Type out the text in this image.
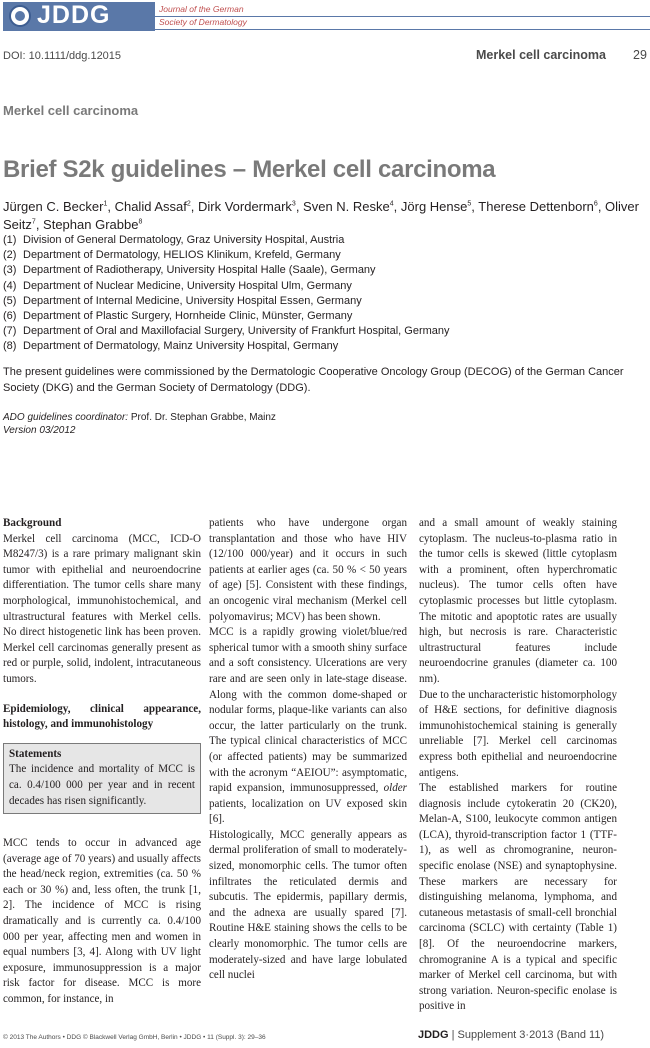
JDDG	Journal of the German
Society of Dermatology
DOI: 10.1111/ddg.12015	Merkel cell carcinoma 29
Merkel cell carcinoma
Brief S2k guidelines – Merkel cell carcinoma
Jürgen C. Becker$^1$, Chalid Assaf$^2$, Dirk Vordermark$^3$, Sven N. Reske$^4$, Jörg Hense$^5$, Therese Dettenborn$^6$, Oliver Seitz$^7$, Stephan Grabbe$^8$
(1) Division of General Dermatology, Graz University Hospital, Austria
(2) Department of Dermatology, HELIOS Klinikum, Krefeld, Germany
(3) Department of Radiotherapy, University Hospital Halle (Saale), Germany
(4) Department of Nuclear Medicine, University Hospital Ulm, Germany
(5) Department of Internal Medicine, University Hospital Essen, Germany
(6) Department of Plastic Surgery, Hornheide Clinic, Münster, Germany
(7) Department of Oral and Maxillofacial Surgery, University of Frankfurt Hospital, Germany
(8) Department of Dermatology, Mainz University Hospital, Germany

The present guidelines were commissioned by the Dermatologic Cooperative Oncology Group (DECOG) of the German Cancer Society (DKG) and the German Society of Dermatology (DDG).

ADO guidelines coordinator: Prof. Dr. Stephan Grabbe, Mainz
Version 03/2012
Background

Merkel cell carcinoma (MCC, ICD-O M8247/3) is a rare primary malignant skin tumor with epithelial and neuroendocrine differentiation. The tumor cells share many morphological, immunohistochemical, and ultrastructural features with Merkel cells. No direct histogenetic link has been proven. Merkel cell carcinomas generally present as red or purple, solid, indolent, intracutaneous tumors.

Epidemiology, clinical appearance, histology, and immunohistology
Statements
The incidence and mortality of MCC is ca. 0.4/100 000 per year and in recent decades has risen significantly.

MCC tends to occur in advanced age (average age of 70 years) and usually affects the head/neck region, extremities (ca. 50 % each or 30 %) and, less often, the trunk [1, 2]. The incidence of MCC is rising dramatically and is currently ca. 0.4/100 000 per year, affecting men and women in equal numbers [3, 4]. Along with UV light exposure, immunosuppression is a major risk factor for disease. MCC is more common, for instance, in

patients who have undergone organ transplantation and those who have HIV (12/100 000/year) and it occurs in such patients at earlier ages (ca. 50 % < 50 years of age) [5]. Consistent with these findings, an oncogenic viral mechanism (Merkel cell polyomavirus; MCV) has been shown.

MCC is a rapidly growing violet/blue/red spherical tumor with a smooth shiny surface and a soft consistency. Ulcerations are very rare and are seen only in late-stage disease. Along with the common dome-shaped or nodular forms, plaque-like variants can also occur, the latter particularly on the trunk. The typical clinical characteristics of MCC (or affected patients) may be summarized with the acronym “AEIOU”: asymptomatic, rapid expansion, immunosuppressed, older patients, localization on UV exposed skin [6].

Histologically, MCC generally appears as dermal proliferation of small to moderately-sized, monomorphic cells. The tumor often infiltrates the reticulated dermis and subcutis. The epidermis, papillary dermis, and the adnexa are usually spared [7]. Routine H&E staining shows the cells to be clearly monomorphic. The tumor cells are moderately-sized and have large lobulated cell nuclei

and a small amount of weakly staining cytoplasm. The nucleus-to-plasma ratio in the tumor cells is skewed (little cytoplasm with a prominent, often hyperchromatic nucleus). The tumor cells often have cytoplasmic processes but little cytoplasm. The mitotic and apoptotic rates are usually high, but necrosis is rare. Characteristic ultrastructural features include neuroendocrine granules (diameter ca. 100 nm).

Due to the uncharacteristic histomorphology of H&E sections, for definitive diagnosis immunohistochemical staining is generally unreliable [7]. Merkel cell carcinomas express both epithelial and neuroendocrine antigens.

The established markers for routine diagnosis include cytokeratin 20 (CK20), Melan-A, S100, leukocyte common antigen (LCA), thyroid-transcription factor 1 (TTF-1), as well as chromogranine, neuron-specific enolase (NSE) and synaptophysine. These markers are necessary for distinguishing melanoma, lymphoma, and cutaneous metastasis of small-cell bronchial carcinoma (SCLC) with certainty (Table 1) [8]. Of the neuroendocrine markers, chromogranine A is a typical and specific marker of Merkel cell carcinoma, but with strong variation. Neuron-specific enolase is positive in

© 2013 The Authors • DDG © Blackwell Verlag GmbH, Berlin • JDDG • 11 (Suppl. 3): 29–36	JDDG | Supplement 3·2013 (Band 11)
